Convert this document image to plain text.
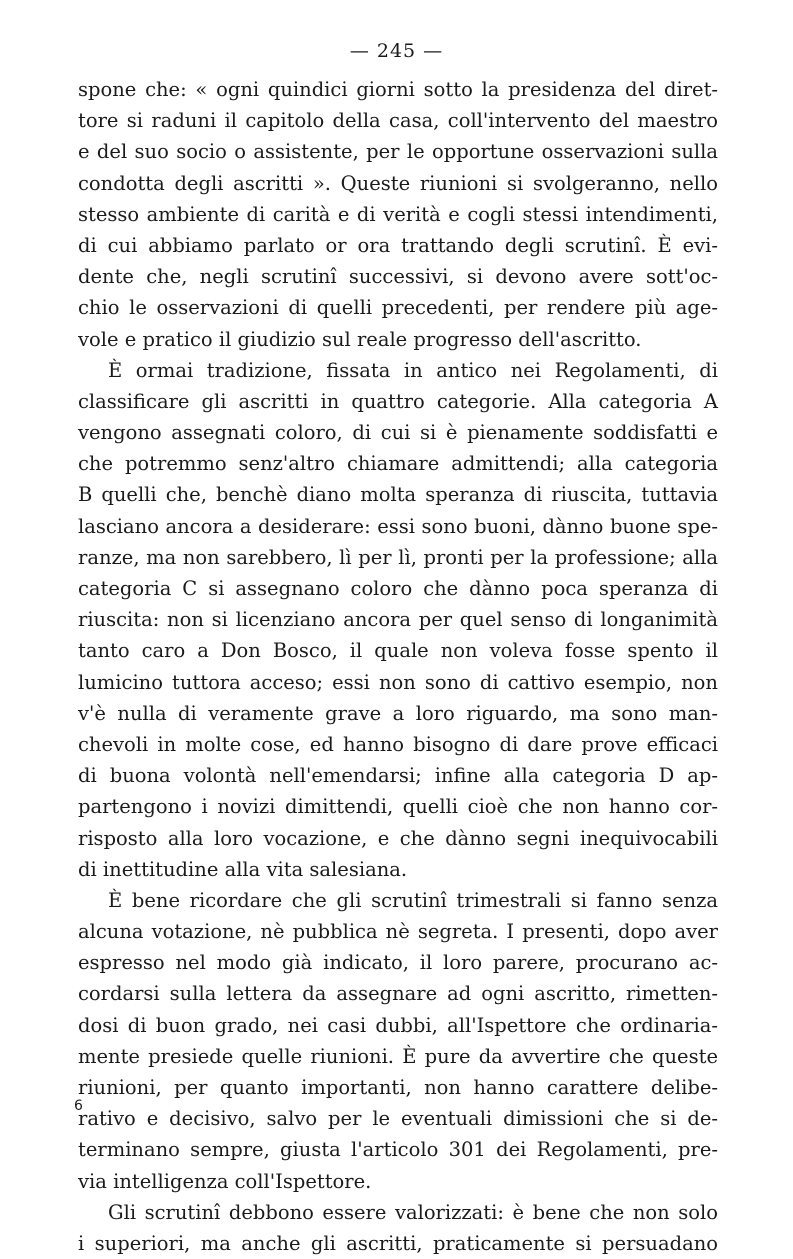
— 245 —
spone che: « ogni quindici giorni sotto la presidenza del diret-
tore si raduni il capitolo della casa, coll'intervento del maestro
e del suo socio o assistente, per le opportune osservazioni sulla
condotta degli ascritti ». Queste riunioni si svolgeranno, nello
stesso ambiente di carità e di verità e cogli stessi intendimenti,
di cui abbiamo parlato or ora trattando degli scrutinî. È evi-
dente che, negli scrutinî successivi, si devono avere sott'oc-
chio le osservazioni di quelli precedenti, per rendere più age-
vole e pratico il giudizio sul reale progresso dell'ascritto.
È ormai tradizione, fissata in antico nei Regolamenti, di
classificare gli ascritti in quattro categorie. Alla categoria A
vengono assegnati coloro, di cui si è pienamente soddisfatti e
che potremmo senz'altro chiamare admittendi; alla categoria
B quelli che, benchè diano molta speranza di riuscita, tuttavia
lasciano ancora a desiderare: essi sono buoni, dànno buone spe-
ranze, ma non sarebbero, lì per lì, pronti per la professione; alla
categoria C si assegnano coloro che dànno poca speranza di
riuscita: non si licenziano ancora per quel senso di longanimità
tanto caro a Don Bosco, il quale non voleva fosse spento il
lumicino tuttora acceso; essi non sono di cattivo esempio, non
v'è nulla di veramente grave a loro riguardo, ma sono man-
chevoli in molte cose, ed hanno bisogno di dare prove efficaci
di buona volontà nell'emendarsi; infine alla categoria D ap-
partengono i novizi dimittendi, quelli cioè che non hanno cor-
risposto alla loro vocazione, e che dànno segni inequivocabili
di inettitudine alla vita salesiana.
È bene ricordare che gli scrutinî trimestrali si fanno senza
alcuna votazione, nè pubblica nè segreta. I presenti, dopo aver
espresso nel modo già indicato, il loro parere, procurano ac-
cordarsi sulla lettera da assegnare ad ogni ascritto, rimetten-
dosi di buon grado, nei casi dubbi, all'Ispettore che ordinaria-
mente presiede quelle riunioni. È pure da avvertire che queste
riunioni, per quanto importanti, non hanno carattere delibe-
rativo e decisivo, salvo per le eventuali dimissioni che si de-
terminano sempre, giusta l'articolo 301 dei Regolamenti, pre-
via intelligenza coll'Ispettore.
Gli scrutinî debbono essere valorizzati: è bene che non solo
i superiori, ma anche gli ascritti, praticamente si persuadano
6
